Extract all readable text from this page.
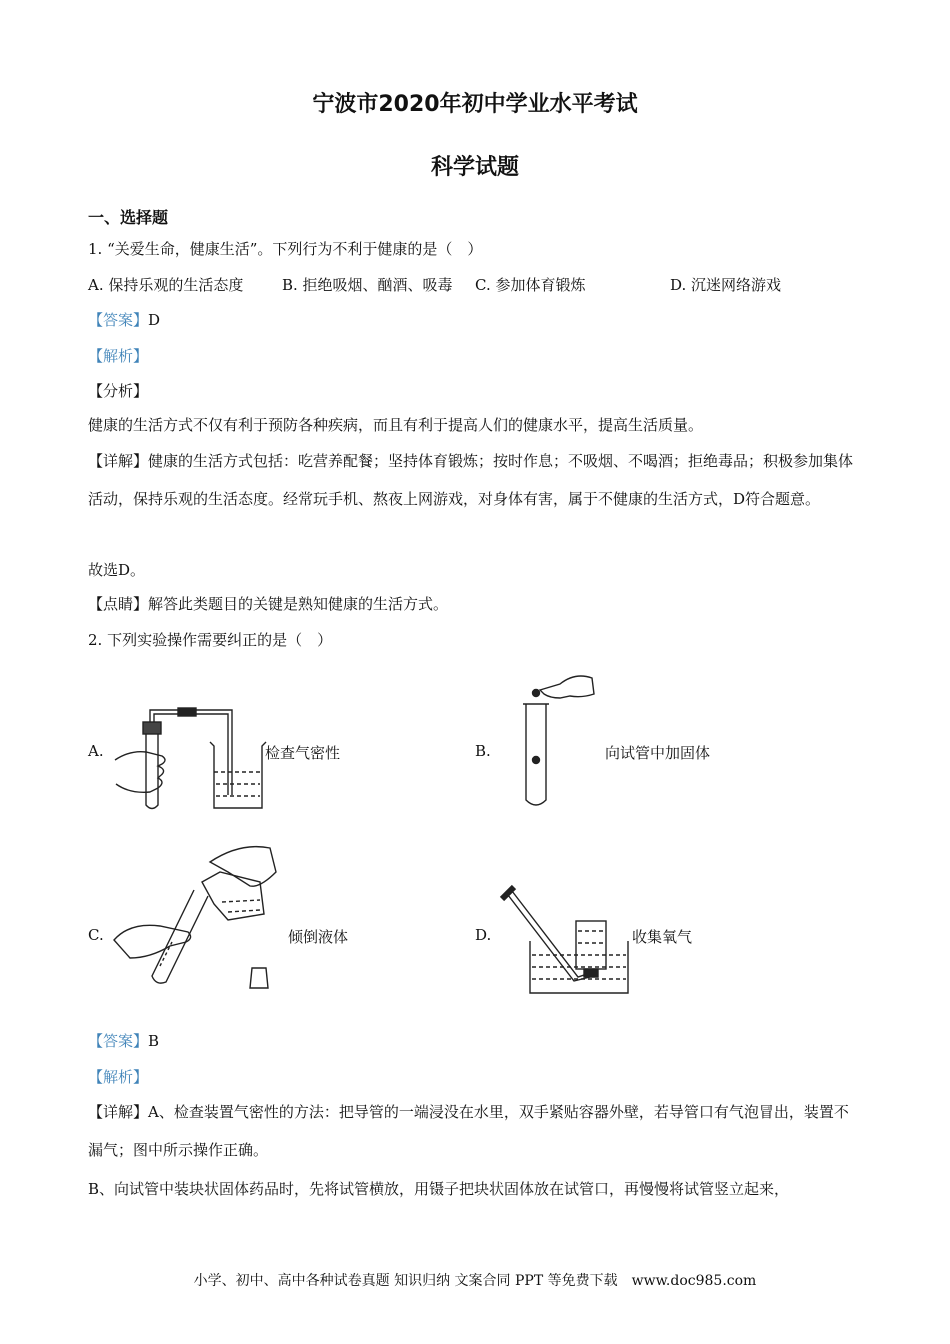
宁波市2020年初中学业水平考试
科学试题
一、选择题
1. “关爱生命，健康生活”。下列行为不利于健康的是（　）
A. 保持乐观的生活态度	B. 拒绝吸烟、酗酒、吸毒 C. 参加体育锻炼	D. 沉迷网络游戏
【答案】D
【解析】
【分析】
健康的生活方式不仅有利于预防各种疾病，而且有利于提高人们的健康水平，提高生活质量。
【详解】健康的生活方式包括：吃营养配餐；坚持体育锻炼；按时作息；不吸烟、不喝酒；拒绝毒品；积极参加集体活动，保持乐观的生活态度。经常玩手机、熬夜上网游戏，对身体有害，属于不健康的生活方式，D符合题意。
故选D。
【点睛】解答此类题目的关键是熟知健康的生活方式。
2. 下列实验操作需要纠正的是（　）
A.	检查气密性	B.	向试管中加固体
C.	倾倒液体	D.	收集氧气
【答案】B
【解析】
【详解】A、检查装置气密性的方法：把导管的一端浸没在水里，双手紧贴容器外壁，若导管口有气泡冒出，装置不漏气；图中所示操作正确。
B、向试管中装块状固体药品时，先将试管横放，用镊子把块状固体放在试管口，再慢慢将试管竖立起来，
小学、初中、高中各种试卷真题 知识归纳 文案合同 PPT 等免费下载　www.doc985.com
